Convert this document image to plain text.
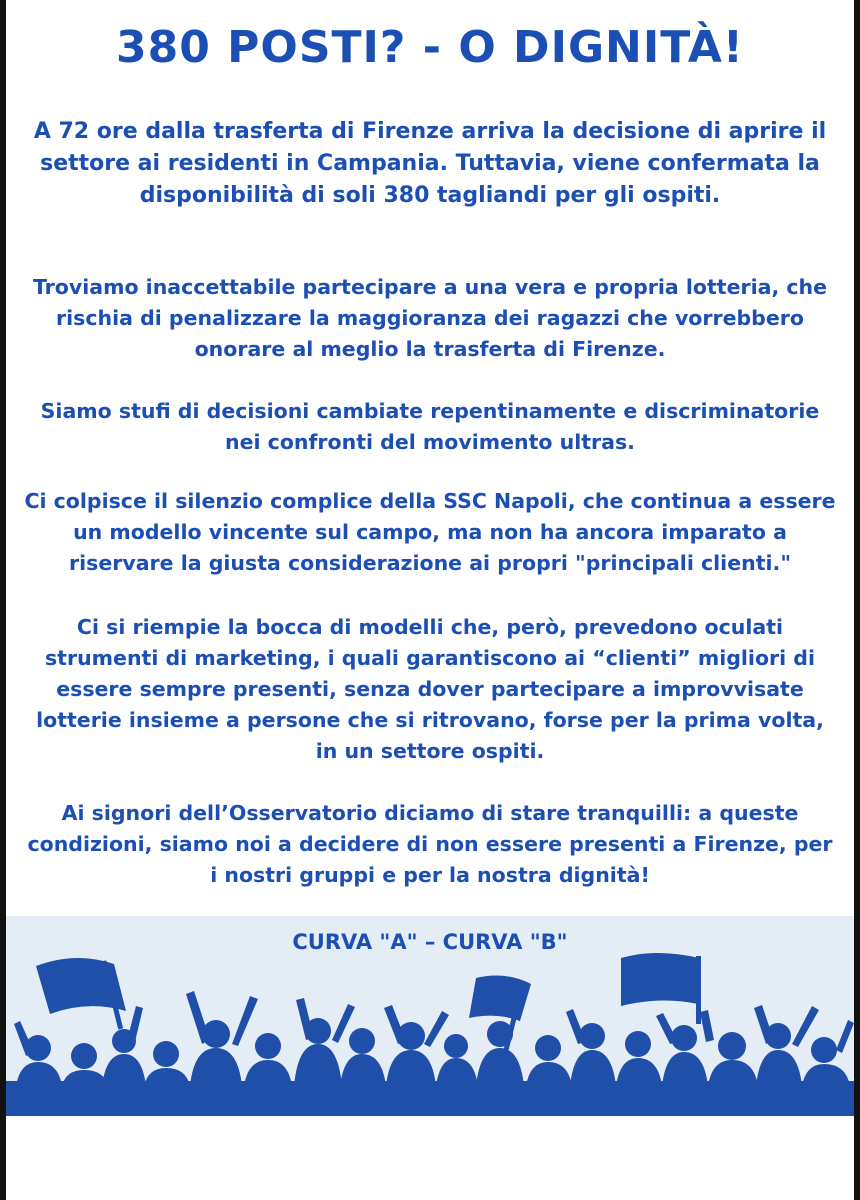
380 POSTI? - O DIGNITÀ!

A 72 ore dalla trasferta di Firenze arriva la decisione di aprire il settore ai residenti in Campania. Tuttavia, viene confermata la disponibilità di soli 380 tagliandi per gli ospiti.

Troviamo inaccettabile partecipare a una vera e propria lotteria, che rischia di penalizzare la maggioranza dei ragazzi che vorrebbero onorare al meglio la trasferta di Firenze.

Siamo stufi di decisioni cambiate repentinamente e discriminatorie nei confronti del movimento ultras.

Ci colpisce il silenzio complice della SSC Napoli, che continua a essere un modello vincente sul campo, ma non ha ancora imparato a riservare la giusta considerazione ai propri "principali clienti."

Ci si riempie la bocca di modelli che, però, prevedono oculati strumenti di marketing, i quali garantiscono ai “clienti” migliori di essere sempre presenti, senza dover partecipare a improvvisate lotterie insieme a persone che si ritrovano, forse per la prima volta, in un settore ospiti.

Ai signori dell’Osservatorio diciamo di stare tranquilli: a queste condizioni, siamo noi a decidere di non essere presenti a Firenze, per i nostri gruppi e per la nostra dignità!

CURVA "A" – CURVA "B"
